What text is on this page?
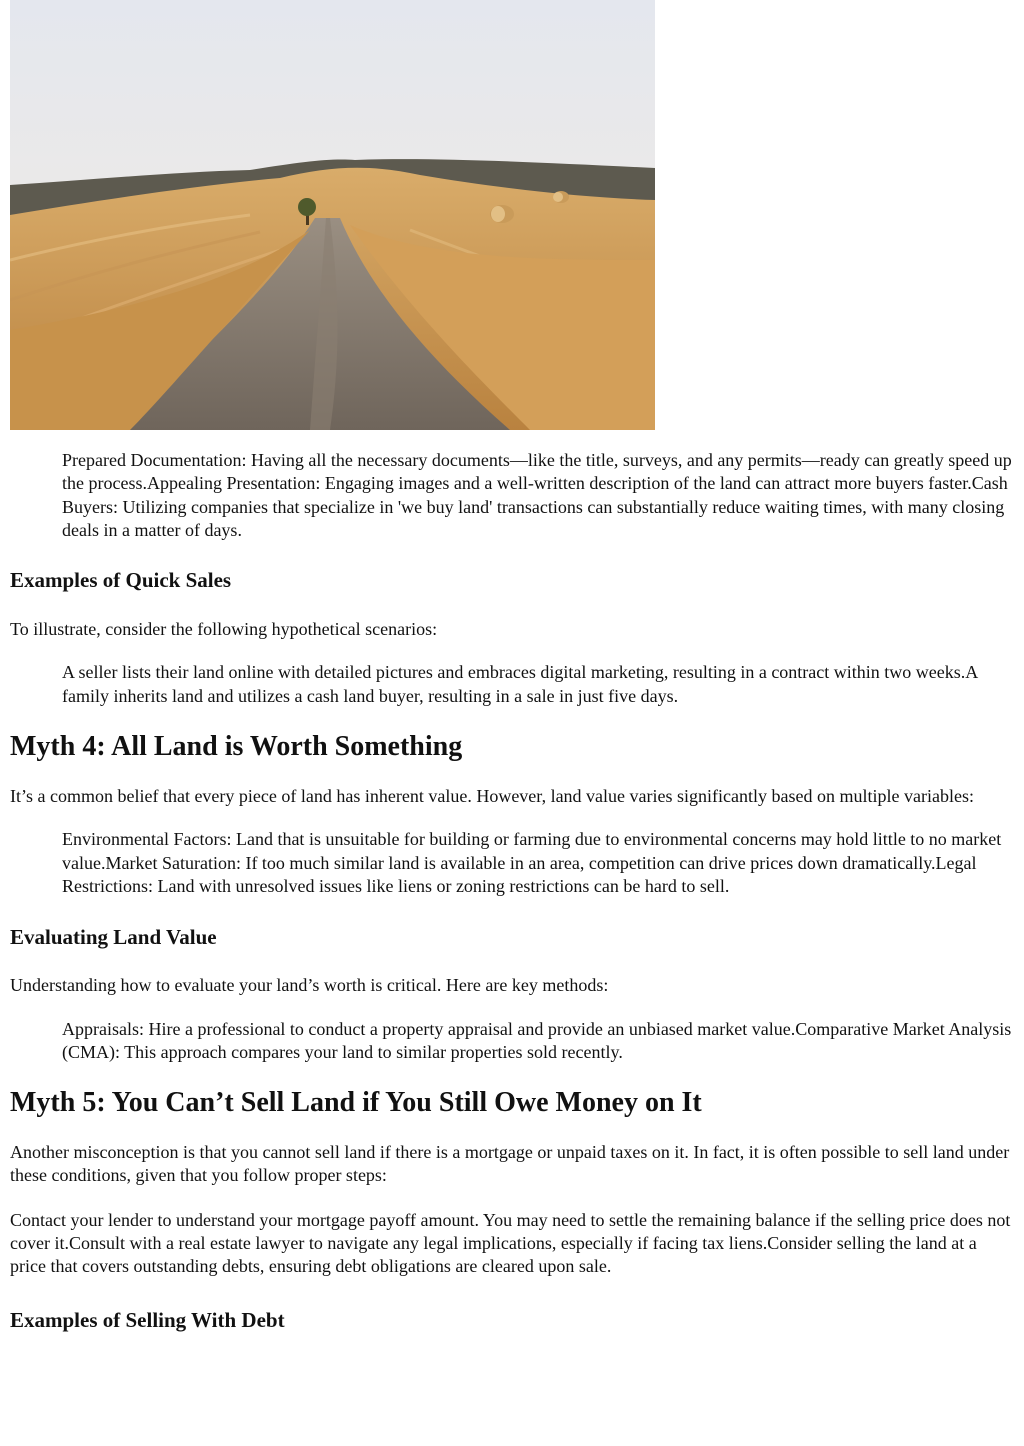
Prepared Documentation: Having all the necessary documents—like the title, surveys, and any permits—ready can greatly speed up the process.Appealing Presentation: Engaging images and a well-written description of the land can attract more buyers faster.Cash Buyers: Utilizing companies that specialize in 'we buy land' transactions can substantially reduce waiting times, with many closing deals in a matter of days.
Examples of Quick Sales

To illustrate, consider the following hypothetical scenarios:

A seller lists their land online with detailed pictures and embraces digital marketing, resulting in a contract within two weeks.A family inherits land and utilizes a cash land buyer, resulting in a sale in just five days.
Myth 4: All Land is Worth Something

It’s a common belief that every piece of land has inherent value. However, land value varies significantly based on multiple variables:

Environmental Factors: Land that is unsuitable for building or farming due to environmental concerns may hold little to no market value.Market Saturation: If too much similar land is available in an area, competition can drive prices down dramatically.Legal Restrictions: Land with unresolved issues like liens or zoning restrictions can be hard to sell.
Evaluating Land Value

Understanding how to evaluate your land’s worth is critical. Here are key methods:

Appraisals: Hire a professional to conduct a property appraisal and provide an unbiased market value.Comparative Market Analysis (CMA): This approach compares your land to similar properties sold recently.
Myth 5: You Can’t Sell Land if You Still Owe Money on It

Another misconception is that you cannot sell land if there is a mortgage or unpaid taxes on it. In fact, it is often possible to sell land under these conditions, given that you follow proper steps:

Contact your lender to understand your mortgage payoff amount. You may need to settle the remaining balance if the selling price does not cover it.Consult with a real estate lawyer to navigate any legal implications, especially if facing tax liens.Consider selling the land at a price that covers outstanding debts, ensuring debt obligations are cleared upon sale.

Examples of Selling With Debt
